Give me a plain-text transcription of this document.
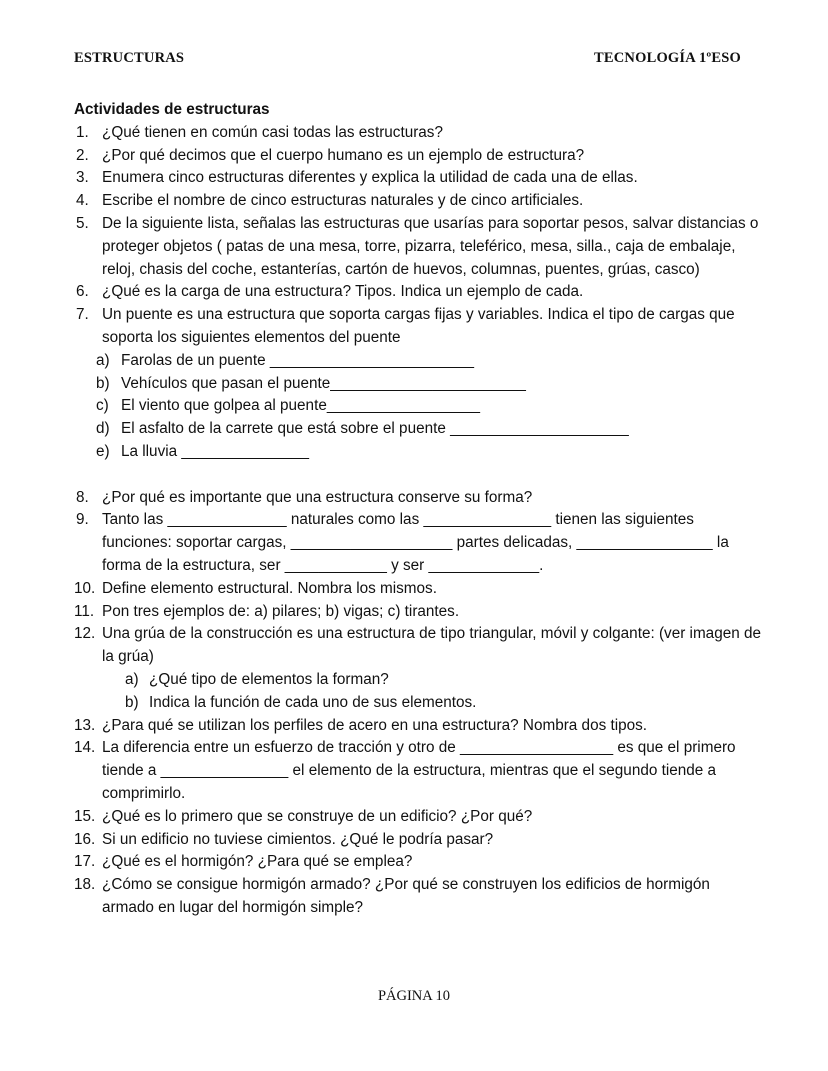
ESTRUCTURAS	TECNOLOGÍA 1ºESO
Actividades de estructuras
1. ¿Qué tienen en común casi todas las estructuras?
2. ¿Por qué decimos que el cuerpo humano es un ejemplo de estructura?
3. Enumera cinco estructuras diferentes y explica la utilidad de cada una de ellas.
4. Escribe el nombre de cinco estructuras naturales y de cinco artificiales.
5. De la siguiente lista, señalas las estructuras que usarías para soportar pesos, salvar distancias o proteger objetos ( patas de una mesa, torre, pizarra, teleférico, mesa, silla., caja de embalaje, reloj, chasis del coche, estanterías, cartón de huevos, columnas, puentes, grúas, casco)
6. ¿Qué es la carga de una estructura? Tipos. Indica un ejemplo de cada.
7. Un puente es una estructura que soporta cargas fijas y variables. Indica el tipo de cargas que soporta los siguientes elementos del puente
a) Farolas de un puente ________________________
b) Vehículos que pasan el puente_______________________
c) El viento que golpea al puente__________________
d) El asfalto de la carrete que está sobre el puente _____________________
e) La lluvia _______________
8. ¿Por qué es importante que una estructura conserve su forma?
9. Tanto las ______________ naturales como las _______________ tienen las siguientes funciones: soportar cargas, ___________________ partes delicadas, ________________ la forma de la estructura, ser ____________ y ser _____________.
10. Define elemento estructural. Nombra los mismos.
11. Pon tres ejemplos de: a) pilares; b) vigas; c) tirantes.
12. Una grúa de la construcción es una estructura de tipo triangular, móvil y colgante: (ver imagen de la grúa)
a) ¿Qué tipo de elementos la forman?
b) Indica la función de cada uno de sus elementos.
13. ¿Para qué se utilizan los perfiles de acero en una estructura? Nombra dos tipos.
14. La diferencia entre un esfuerzo de tracción y otro de __________________ es que el primero tiende a _______________ el elemento de la estructura, mientras que el segundo tiende a comprimirlo.
15. ¿Qué es lo primero que se construye de un edificio? ¿Por qué?
16. Si un edificio no tuviese cimientos. ¿Qué le podría pasar?
17. ¿Qué es el hormigón? ¿Para qué se emplea?
18. ¿Cómo se consigue hormigón armado? ¿Por qué se construyen los edificios de hormigón armado en lugar del hormigón simple?
PÁGINA 10
